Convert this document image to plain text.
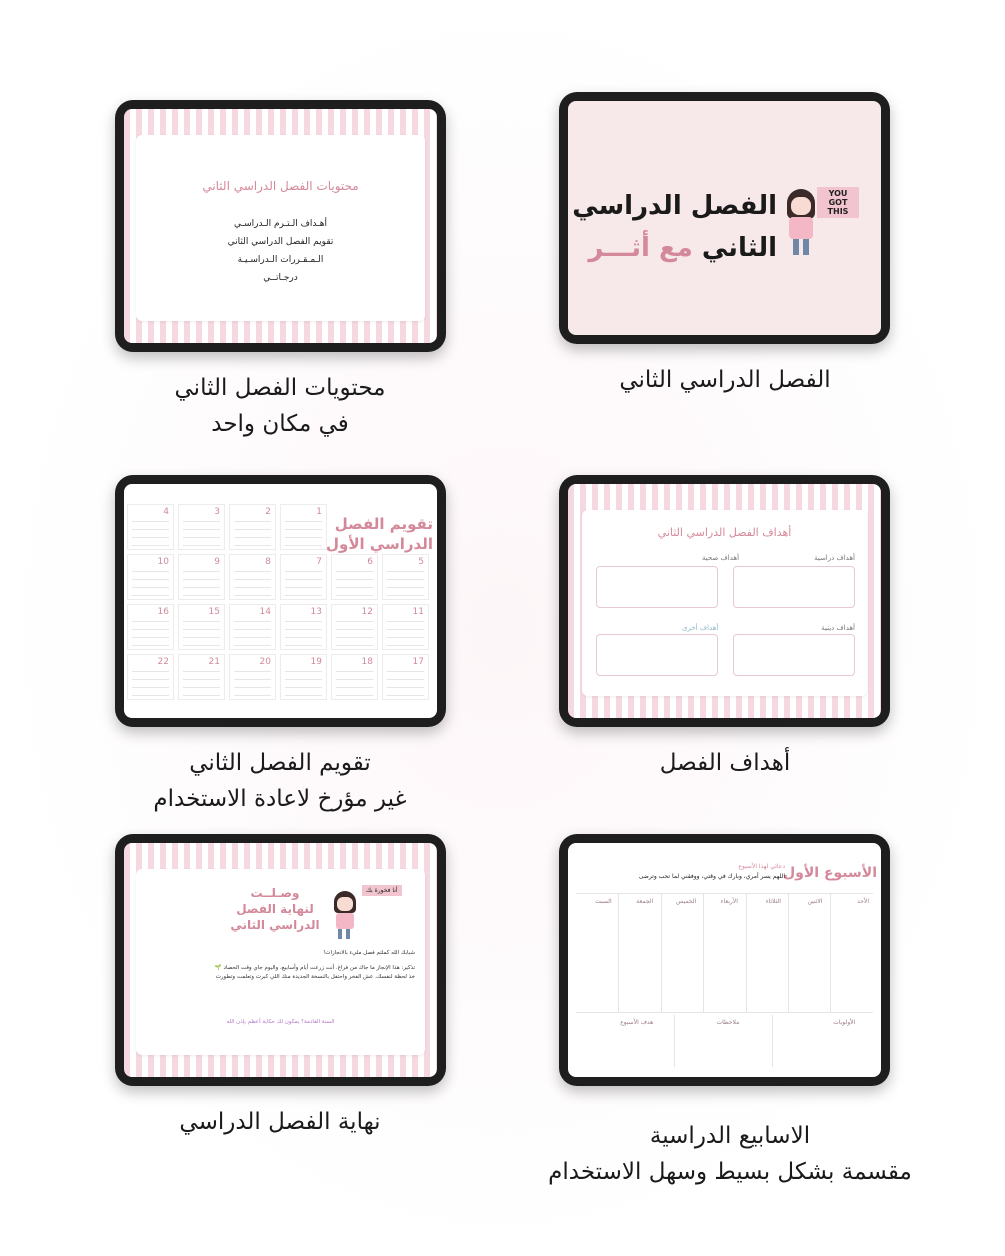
YOU GOT THIS
الفصل الدراسي
الثاني مع أثـــر
محتويات الفصل الدراسي الثاني
أهـداف الـتـرم الـدراسـي
تقويم الفصل الدراسي الثاني
الـمـقـررات الـدراسـيـة
درجـاتــي
الفصل الدراسي الثاني
محتويات الفصل الثاني
في مكان واحد
أهداف الفصل الدراسي الثاني
أهداف دراسية
أهداف صحية
أهداف دينية
أهداف أخرى
تقويم الفصل
الدراسي الأول
1
2
3
4
5
6
7
8
9
10
11
12
13
14
15
16
17
18
19
20
21
22
أهداف الفصل
تقويم الفصل الثاني
غير مؤرخ لاعادة الاستخدام
الأسبوع الأول
دعائي لهذا الأسبوع
اللهم يسر أمري، وبارك في وقتي، ووفقني لما تحب وترضى
الأحد
الاثنين
الثلاثاء
الأربعاء
الخميس
الجمعة
السبت
الأولويات
ملاحظات
هدف الأسبوع
أنا فخورة بك
وصـلــت
لنهاية الفصل
الدراسي الثاني
شبابك الله كملتم فصل مليء بالانجازات!
تذكير: هذا الإنجاز ما جاك من فراغ. أنت زرعت أيام وأسابيع، واليوم جاي وقت الحصاد 🌱
خذ لحظة لنفسك، عش الفخر واحتفل بالنسخة الجديدة منك اللي كبرت وتعلمت وتطورت
السنة القادمة؟ يمكون لك حكاية أعظم بإذن الله
الاسابيع الدراسية
مقسمة بشكل بسيط وسهل الاستخدام
نهاية الفصل الدراسي
